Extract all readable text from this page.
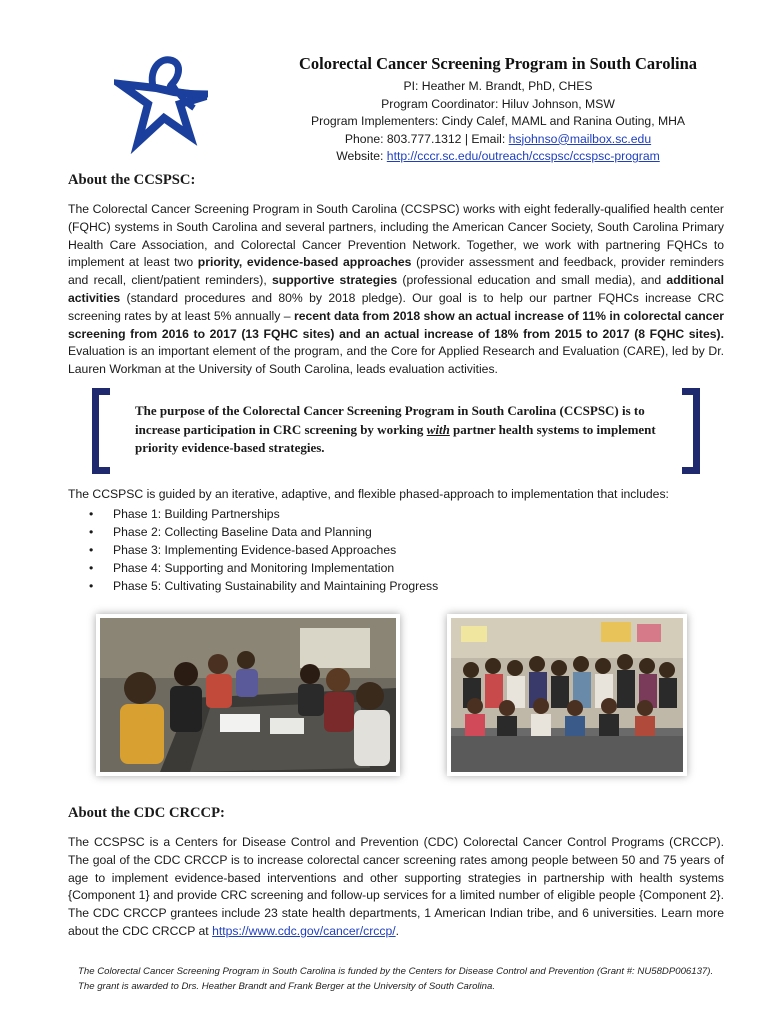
Colorectal Cancer Screening Program in South Carolina

PI: Heather M. Brandt, PhD, CHES

Program Coordinator: Hiluv Johnson, MSW

Program Implementers: Cindy Calef, MAML and Ranina Outing, MHA

Phone: 803.777.1312 | Email: hsjohnso@mailbox.sc.edu

Website: http://cccr.sc.edu/outreach/ccspsc/ccspsc-program

About the CCSPSC:

The Colorectal Cancer Screening Program in South Carolina (CCSPSC) works with eight federally-qualified health center (FQHC) systems in South Carolina and several partners, including the American Cancer Society, South Carolina Primary Health Care Association, and Colorectal Cancer Prevention Network. Together, we work with partnering FQHCs to implement at least two priority, evidence-based approaches (provider assessment and feedback, provider reminders and recall, client/patient reminders), supportive strategies (professional education and small media), and additional activities (standard procedures and 80% by 2018 pledge). Our goal is to help our partner FQHCs increase CRC screening rates by at least 5% annually – recent data from 2018 show an actual increase of 11% in colorectal cancer screening from 2016 to 2017 (13 FQHC sites) and an actual increase of 18% from 2015 to 2017 (8 FQHC sites). Evaluation is an important element of the program, and the Core for Applied Research and Evaluation (CARE), led by Dr. Lauren Workman at the University of South Carolina, leads evaluation activities.

The purpose of the Colorectal Cancer Screening Program in South Carolina (CCSPSC) is to increase participation in CRC screening by working with partner health systems to implement priority evidence-based strategies.

The CCSPSC is guided by an iterative, adaptive, and flexible phased-approach to implementation that includes:

• Phase 1: Building Partnerships
• Phase 2: Collecting Baseline Data and Planning
• Phase 3: Implementing Evidence-based Approaches
• Phase 4: Supporting and Monitoring Implementation
• Phase 5: Cultivating Sustainability and Maintaining Progress

About the CDC CRCCP:

The CCSPSC is a Centers for Disease Control and Prevention (CDC) Colorectal Cancer Control Programs (CRCCP). The goal of the CDC CRCCP is to increase colorectal cancer screening rates among people between 50 and 75 years of age to implement evidence-based interventions and other supporting strategies in partnership with health systems {Component 1} and provide CRC screening and follow-up services for a limited number of eligible people {Component 2}. The CDC CRCCP grantees include 23 state health departments, 1 American Indian tribe, and 6 universities. Learn more about the CDC CRCCP at https://www.cdc.gov/cancer/crccp/.

The Colorectal Cancer Screening Program in South Carolina is funded by the Centers for Disease Control and Prevention (Grant #: NU58DP006137). The grant is awarded to Drs. Heather Brandt and Frank Berger at the University of South Carolina.
